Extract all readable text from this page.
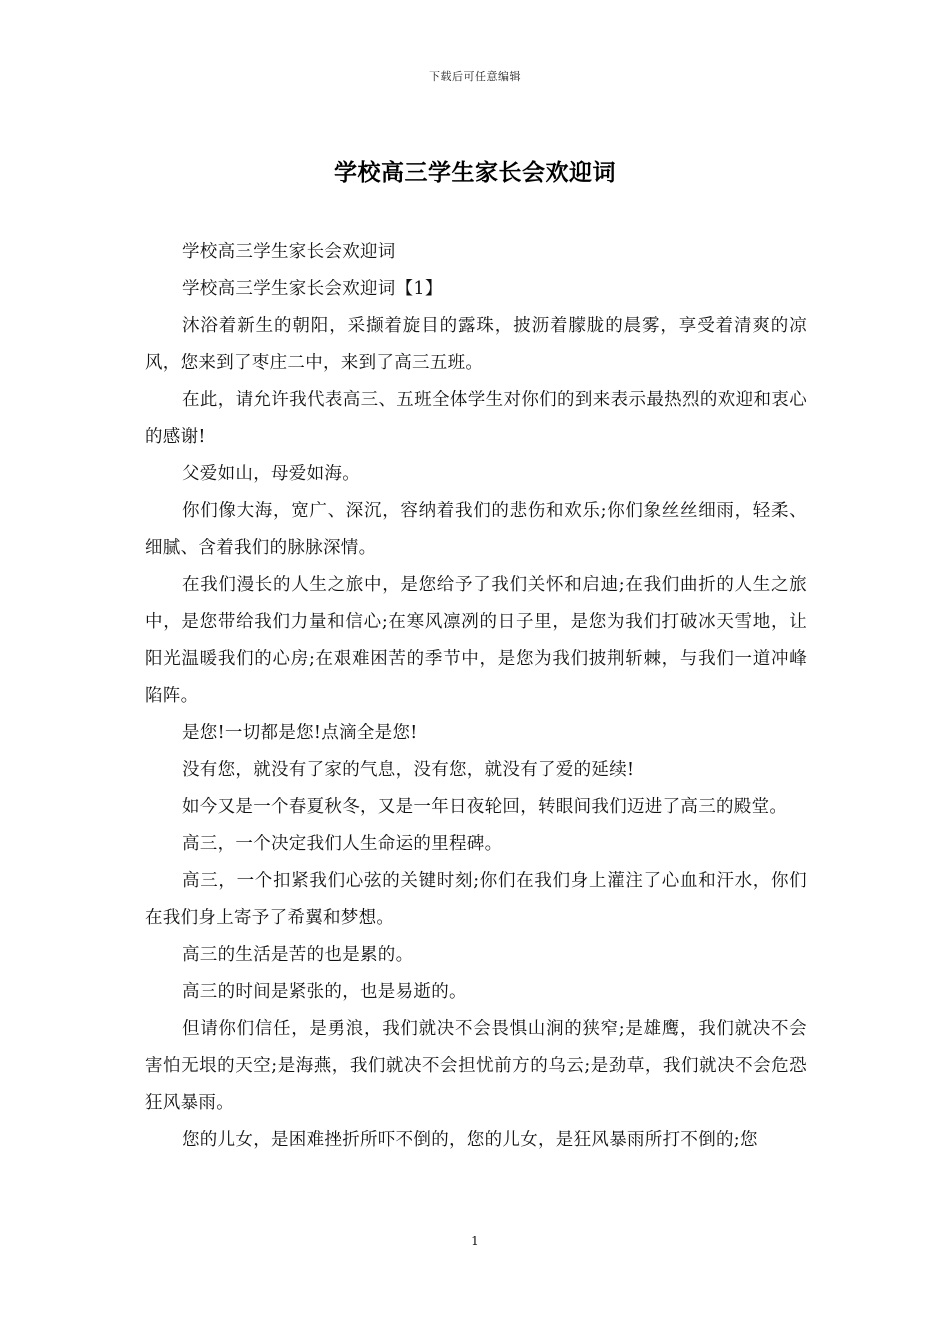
下载后可任意编辑
学校高三学生家长会欢迎词

学校高三学生家长会欢迎词

学校高三学生家长会欢迎词【1】

沐浴着新生的朝阳，采撷着旋目的露珠，披沥着朦胧的晨雾，享受着清爽的凉风，您来到了枣庄二中，来到了高三五班。

在此，请允许我代表高三、五班全体学生对你们的到来表示最热烈的欢迎和衷心的感谢!

父爱如山，母爱如海。

你们像大海，宽广、深沉，容纳着我们的悲伤和欢乐;你们象丝丝细雨，轻柔、细腻、含着我们的脉脉深情。

在我们漫长的人生之旅中，是您给予了我们关怀和启迪;在我们曲折的人生之旅中，是您带给我们力量和信心;在寒风凛冽的日子里，是您为我们打破冰天雪地，让阳光温暖我们的心房;在艰难困苦的季节中，是您为我们披荆斩棘，与我们一道冲峰陷阵。

是您!一切都是您!点滴全是您!

没有您，就没有了家的气息，没有您，就没有了爱的延续!

如今又是一个春夏秋冬，又是一年日夜轮回，转眼间我们迈进了高三的殿堂。

高三，一个决定我们人生命运的里程碑。

高三，一个扣紧我们心弦的关键时刻;你们在我们身上灌注了心血和汗水，你们在我们身上寄予了希翼和梦想。

高三的生活是苦的也是累的。

高三的时间是紧张的，也是易逝的。

但请你们信任，是勇浪，我们就决不会畏惧山涧的狭窄;是雄鹰，我们就决不会害怕无垠的天空;是海燕，我们就决不会担忧前方的乌云;是劲草，我们就决不会危恐狂风暴雨。

您的儿女，是困难挫折所吓不倒的，您的儿女，是狂风暴雨所打不倒的;您

1
